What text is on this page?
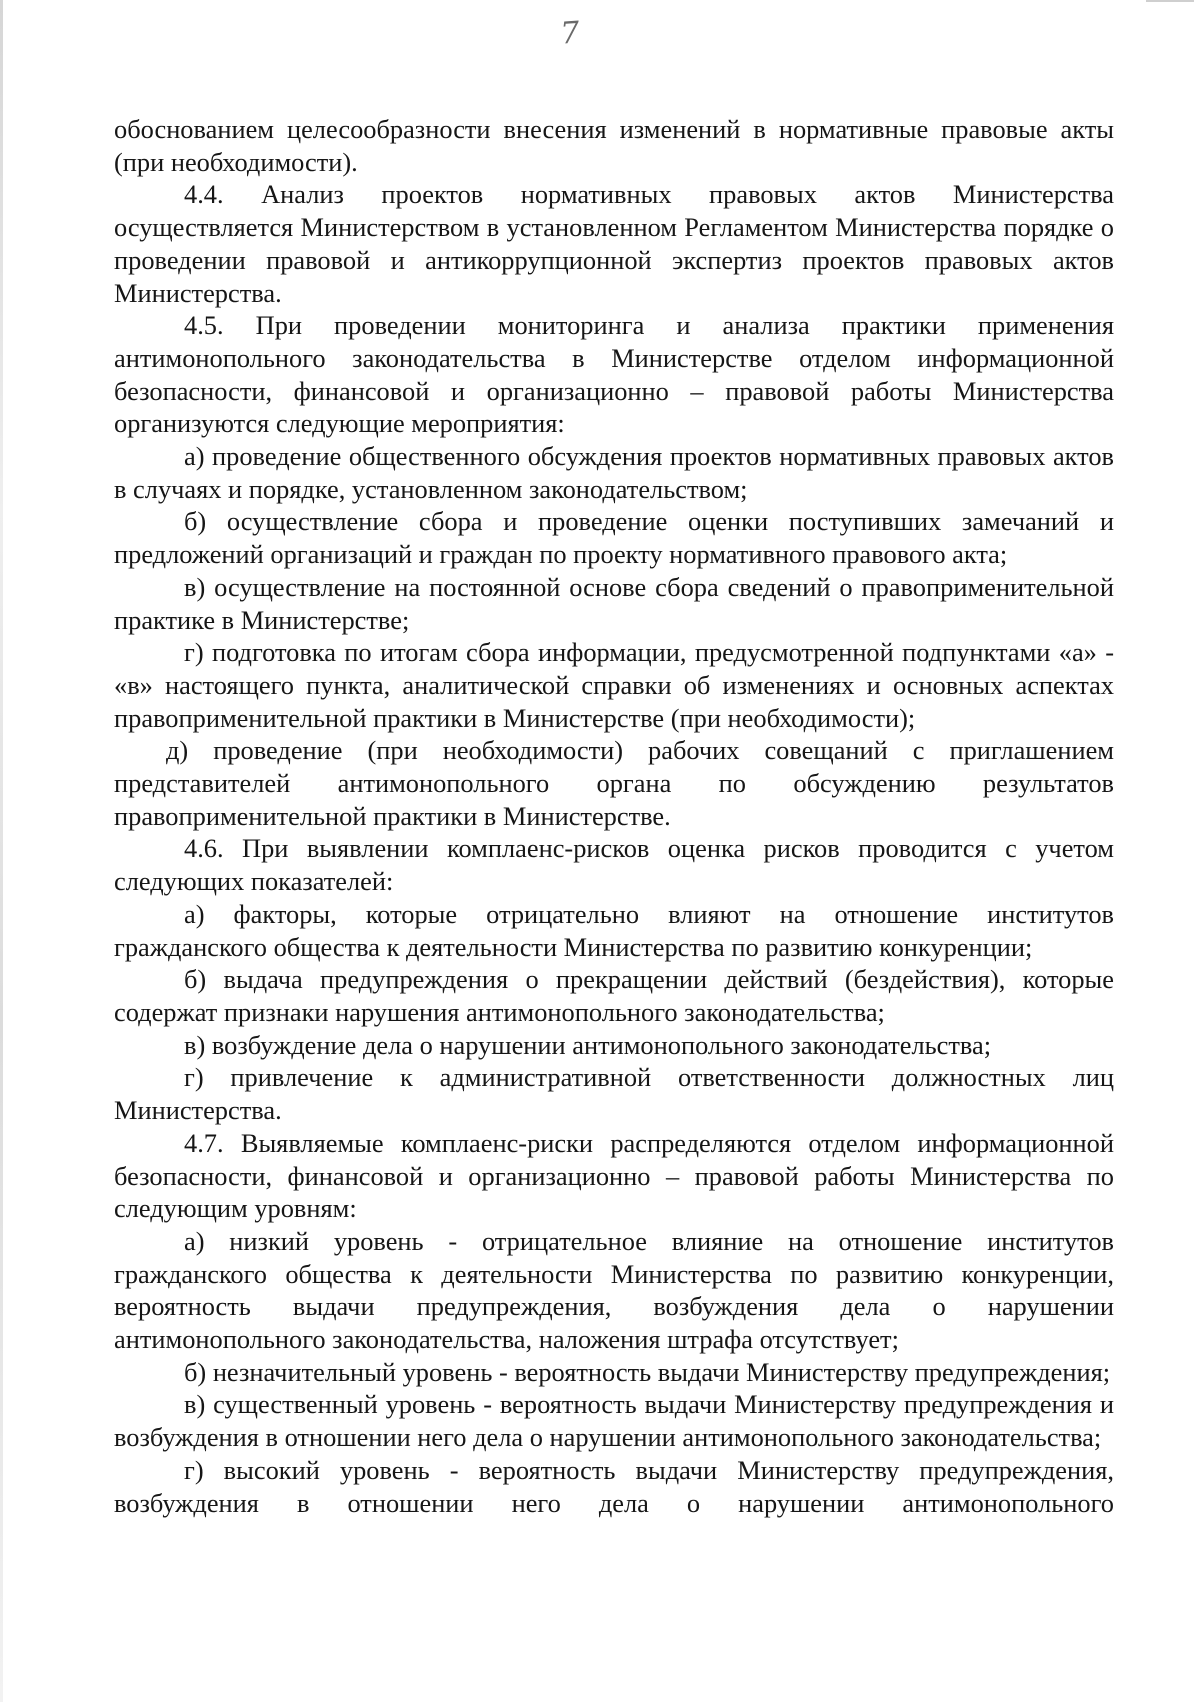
7

обоснованием целесообразности внесения изменений в нормативные правовые акты (при необходимости).

4.4. Анализ проектов нормативных правовых актов Министерства осуществляется Министерством в установленном Регламентом Министерства порядке о проведении правовой и антикоррупционной экспертиз проектов правовых актов Министерства.

4.5. При проведении мониторинга и анализа практики применения антимонопольного законодательства в Министерстве отделом информационной безопасности, финансовой и организационно – правовой работы Министерства организуются следующие мероприятия:

а) проведение общественного обсуждения проектов нормативных правовых актов в случаях и порядке, установленном законодательством;

б) осуществление сбора и проведение оценки поступивших замечаний и предложений организаций и граждан по проекту нормативного правового акта;

в) осуществление на постоянной основе сбора сведений о правоприменительной практике в Министерстве;

г) подготовка по итогам сбора информации, предусмотренной подпунктами «а» - «в» настоящего пункта, аналитической справки об изменениях и основных аспектах правоприменительной практики в Министерстве (при необходимости);

д) проведение (при необходимости) рабочих совещаний с приглашением представителей антимонопольного органа по обсуждению результатов правоприменительной практики в Министерстве.

4.6. При выявлении комплаенс-рисков оценка рисков проводится с учетом следующих показателей:

а) факторы, которые отрицательно влияют на отношение институтов гражданского общества к деятельности Министерства по развитию конкуренции;

б) выдача предупреждения о прекращении действий (бездействия), которые содержат признаки нарушения антимонопольного законодательства;

в) возбуждение дела о нарушении антимонопольного законодательства;

г) привлечение к административной ответственности должностных лиц Министерства.

4.7. Выявляемые комплаенс-риски распределяются отделом информационной безопасности, финансовой и организационно – правовой работы Министерства по следующим уровням:

а) низкий уровень - отрицательное влияние на отношение институтов гражданского общества к деятельности Министерства по развитию конкуренции, вероятность выдачи предупреждения, возбуждения дела о нарушении антимонопольного законодательства, наложения штрафа отсутствует;

б) незначительный уровень - вероятность выдачи Министерству предупреждения;

в) существенный уровень - вероятность выдачи Министерству предупреждения и возбуждения в отношении него дела о нарушении антимонопольного законодательства;

г) высокий уровень - вероятность выдачи Министерству предупреждения, возбуждения в отношении него дела о нарушении антимонопольного
